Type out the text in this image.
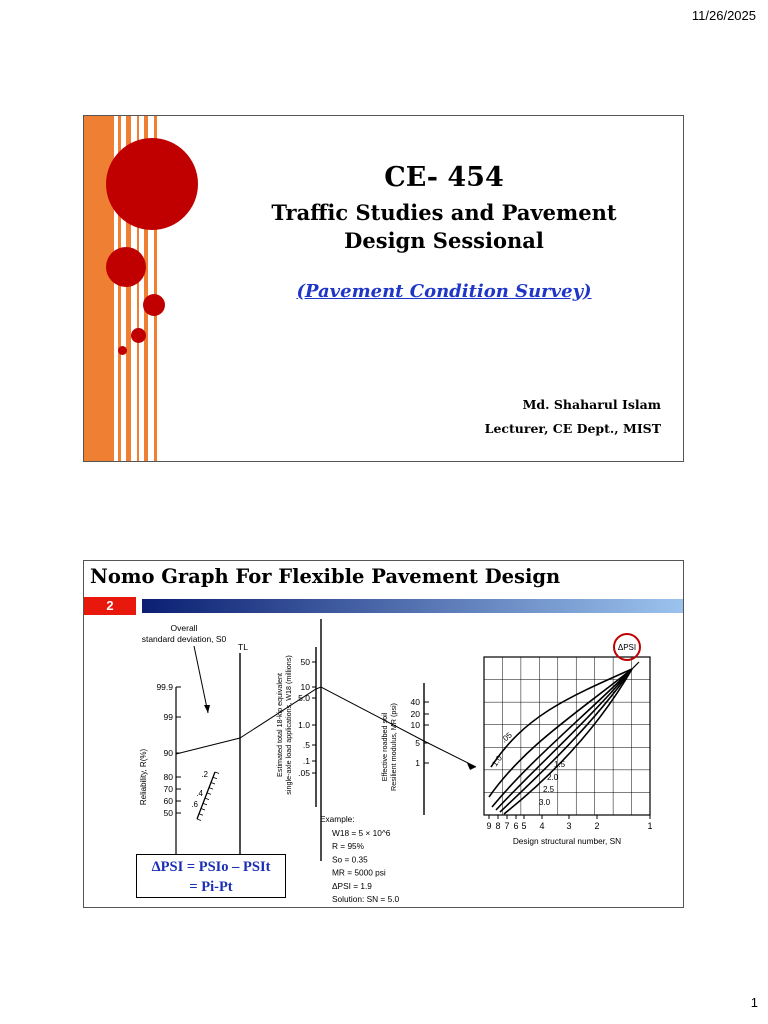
11/26/2025
CE- 454
Traffic Studies and Pavement
Design Sessional
(Pavement Condition Survey)
Md. Shaharul Islam
Lecturer, CE Dept., MIST
Nomo Graph For Flexible Pavement Design
2
Overall
standard deviation, S0
Reliability, R(%)
99.9
99
90
80
70
60
50
.2
.4
.6
TL
Estimated total 18-kip equivalent single-axle load applications, W18 (millions) 50
10
5.0
1.0
.5
.1
.05	Effective roadbed soil Resilient modulus, MR (psi)
40
20
10
5
1	1.0
.05
1.5
2.0
2.5
3.0
ΔPSI
9 8 7 6 5 4 3	2	1
Design structural number, SN
Example:
W18 = 5 × 10^6
R = 95%
So = 0.35
MR = 5000 psi
ΔPSI = 1.9
Solution: SN = 5.0
ΔPSI = PSIo – PSIt
= Pi-Pt
1
